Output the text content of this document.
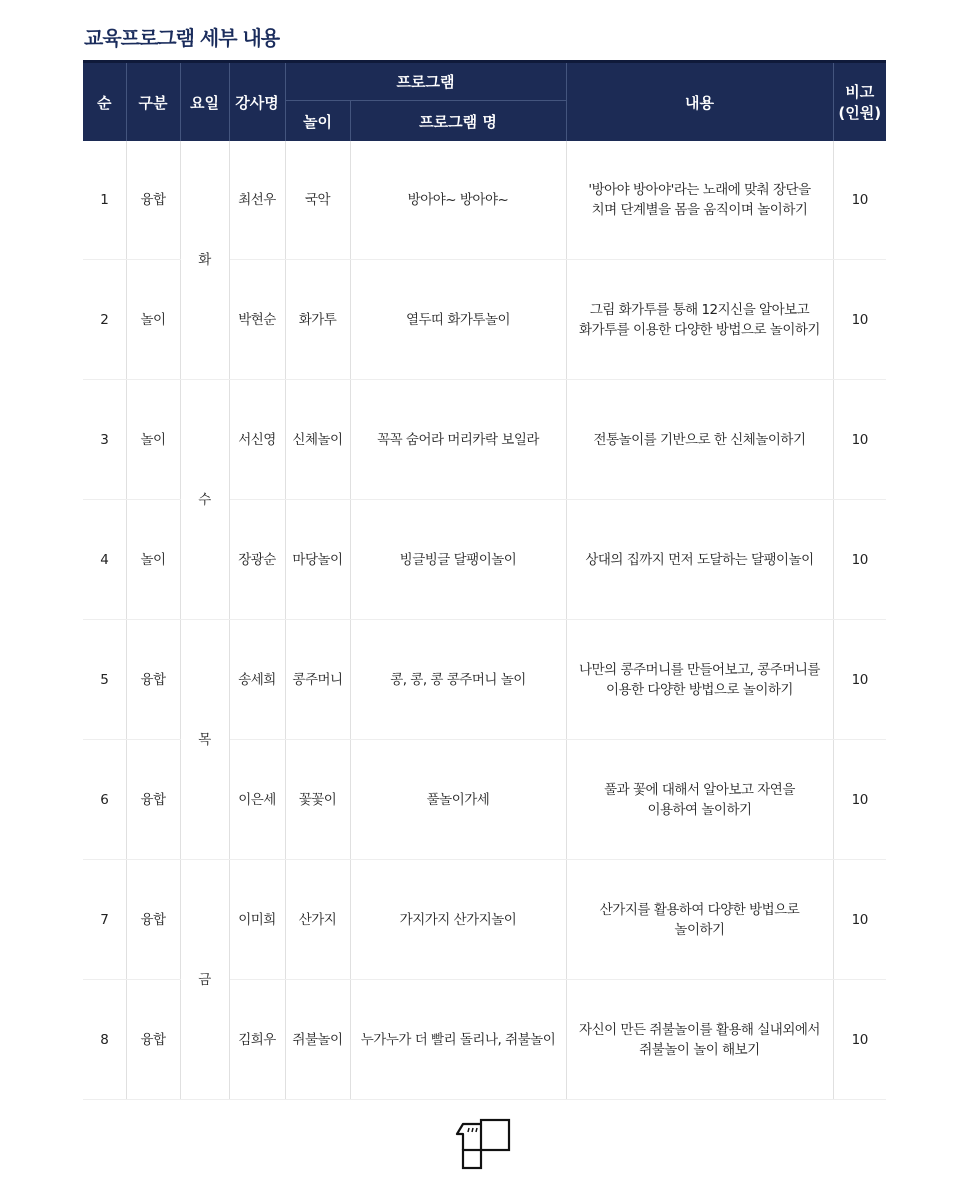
교육프로그램 세부 내용
순	구분	요일	강사명	프로그램		내용	비고
(인원)
				놀이	프로그램 명		
1	융합	화	최선우	국악	방아야~ 방아야~	'방아야 방아야'라는 노래에 맞춰 장단을
치며 단계별을 몸을 움직이며 놀이하기	10
2	놀이		박현순	화가투	열두띠 화가투놀이	그림 화가투를 통해 12지신을 알아보고
화가투를 이용한 다양한 방법으로 놀이하기	10
3	놀이	수	서신영	신체놀이	꼭꼭 숨어라 머리카락 보일라	전통놀이를 기반으로 한 신체놀이하기	10
4	놀이		장광순	마당놀이	빙글빙글 달팽이놀이	상대의 집까지 먼저 도달하는 달팽이놀이	10
5	융합	목	송세희	콩주머니	콩, 콩, 콩 콩주머니 놀이	나만의 콩주머니를 만들어보고, 콩주머니를
이용한 다양한 방법으로 놀이하기	10
6	융합		이은세	꽃꽃이	풀놀이가세	풀과 꽃에 대해서 알아보고 자연을
이용하여 놀이하기	10
7	융합	금	이미희	산가지	가지가지 산가지놀이	산가지를 활용하여 다양한 방법으로
놀이하기	10
8	융합		김희우	쥐불놀이	누가누가 더 빨리 돌리나, 쥐불놀이	자신이 만든 쥐불놀이를 활용해 실내외에서
쥐불놀이 놀이 해보기	10
